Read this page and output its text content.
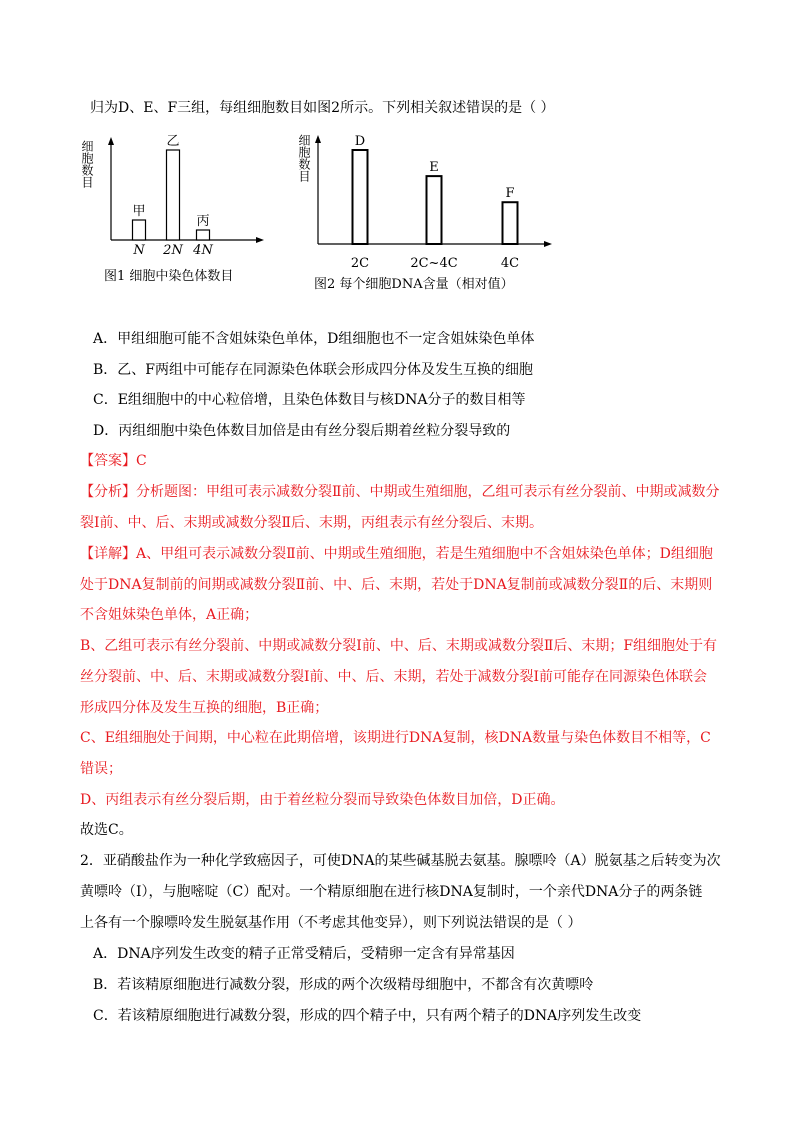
归为D、E、F三组，每组细胞数目如图2所示。下列相关叙述错误的是（ ）
细胞数目
甲
N
乙
2N
丙
4N
图1 细胞中染色体数目
细胞数目	D
2C
E
2C~4C
F
4C
图2 每个细胞DNA含量（相对值）
A．甲组细胞可能不含姐妹染色单体，D组细胞也不一定含姐妹染色单体
B．乙、F两组中可能存在同源染色体联会形成四分体及发生互换的细胞
C．E组细胞中的中心粒倍增，且染色体数目与核DNA分子的数目相等
D．丙组细胞中染色体数目加倍是由有丝分裂后期着丝粒分裂导致的
【答案】C
【分析】分析题图：甲组可表示减数分裂Ⅱ前、中期或生殖细胞，乙组可表示有丝分裂前、中期或减数分
裂Ⅰ前、中、后、末期或减数分裂Ⅱ后、末期，丙组表示有丝分裂后、末期。
【详解】A、甲组可表示减数分裂Ⅱ前、中期或生殖细胞，若是生殖细胞中不含姐妹染色单体；D组细胞
处于DNA复制前的间期或减数分裂Ⅱ前、中、后、末期，若处于DNA复制前或减数分裂Ⅱ的后、末期则
不含姐妹染色单体，A正确；
B、乙组可表示有丝分裂前、中期或减数分裂Ⅰ前、中、后、末期或减数分裂Ⅱ后、末期；F组细胞处于有
丝分裂前、中、后、末期或减数分裂Ⅰ前、中、后、末期，若处于减数分裂Ⅰ前可能存在同源染色体联会
形成四分体及发生互换的细胞，B正确；
C、E组细胞处于间期，中心粒在此期倍增，该期进行DNA复制，核DNA数量与染色体数目不相等，C
错误；
D、丙组表示有丝分裂后期，由于着丝粒分裂而导致染色体数目加倍，D正确。
故选C。
2．亚硝酸盐作为一种化学致癌因子，可使DNA的某些碱基脱去氨基。腺嘌呤（A）脱氨基之后转变为次
黄嘌呤（Ⅰ），与胞嘧啶（C）配对。一个精原细胞在进行核DNA复制时，一个亲代DNA分子的两条链
上各有一个腺嘌呤发生脱氨基作用（不考虑其他变异），则下列说法错误的是（ ）
A．DNA序列发生改变的精子正常受精后，受精卵一定含有异常基因
B．若该精原细胞进行减数分裂，形成的两个次级精母细胞中，不都含有次黄嘌呤
C．若该精原细胞进行减数分裂，形成的四个精子中，只有两个精子的DNA序列发生改变
